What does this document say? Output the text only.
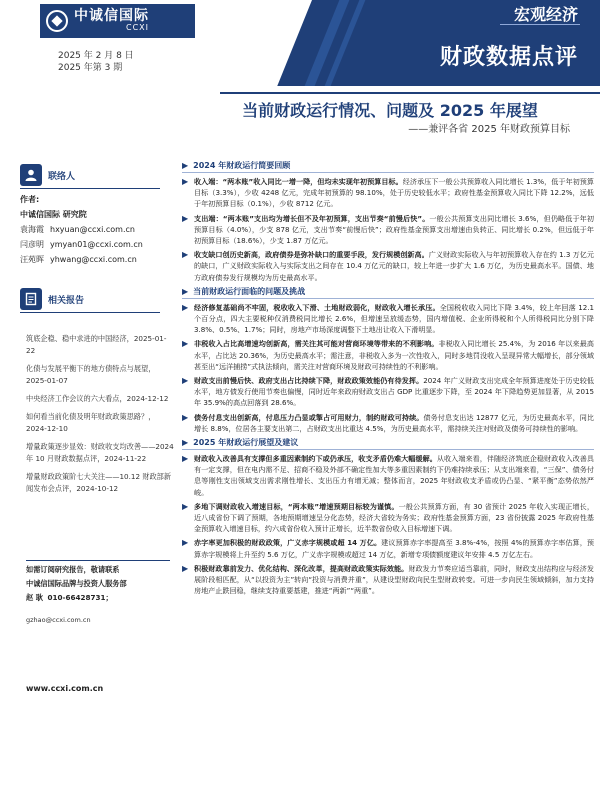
中诚信国际
CCXI
2025 年 2 月 8 日
2025 年第 3 期
宏观经济
财政数据点评
当前财政运行情况、问题及 2025 年展望
——兼评各省 2025 年财政预算目标
联络人
作者:
中诚信国际 研究院
袁海霞 hxyuan@ccxi.com.cn
闫彦明 ymyan01@ccxi.com.cn
汪苑晖 yhwang@ccxi.com.cn
相关报告
筑底企稳、稳中求进的中国经济，2025-01-22
化债与发展平衡下的地方债特点与展望，2025-01-07
中央经济工作会议的六大看点，2024-12-12
如何看当前化债及明年财政政策思路？，2024-12-10
增量政策逐步显效：财政收支均改善——2024 年 10 月财政数据点评，2024-11-22
增量财政政策阶七大关注——10.12 财政部新闻发布会点评，2024-10-12
如需订阅研究报告，敬请联系
中诚信国际品牌与投资人服务部
赵 耿 010-66428731；
gzhao@ccxi.com.cn
www.ccxi.com.cn
▶ 2024 年财政运行简要回顾
▶ 收入端：“两本账”收入同比一增一降，但均未实现年初预算目标。经济承压下一般公共预算收入同比增长 1.3%，低于年初预算目标（3.3%），少收 4248 亿元，完成年初预算的 98.10%，处于历史较低水平；政府性基金预算收入同比下降 12.2%，远低于年初预算目标（0.1%），少收 8712 亿元。
▶ 支出端：“两本账”支出均为增长但不及年初预算，支出节奏“前慢后快”。一般公共预算支出同比增长 3.6%，但仍略低于年初预算目标（4.0%），少支 878 亿元，支出节奏“前慢后快”；政府性基金预算支出增速由负转正、同比增长 0.2%，但远低于年初预算目标（18.6%），少支 1.87 万亿元。
▶ 收支缺口创历史新高，政府债券是弥补缺口的重要手段，发行规模创新高。广义财政实际收入与年初预算收入存在约 1.3 万亿元的缺口，广义财政实际收入与实际支出之间存在 10.4 万亿元的缺口，较上年进一步扩大 1.6 万亿，为历史最高水平。国债、地方政府债券发行规模均为历史最高水平。
▶ 当前财政运行面临的问题及挑战
▶ 经济修复基础尚不牢固，税收收入下滑、土地财政弱化，财政收入增长承压。全国税收收入同比下降 3.4%，较上年回落 12.1 个百分点，四大主要税种仅消费税同比增长 2.6%，但增速呈放缓态势，国内增值税、企业所得税和个人所得税同比分别下降 3.8%、0.5%、1.7%；同时，房地产市场深度调整下土地出让收入下滑明显。
▶ 非税收入占比高增速均创新高，需关注其可能对营商环境等带来的不利影响。非税收入同比增长 25.4%，为 2016 年以来最高水平，占比达 20.36%，为历史最高水平；需注意，非税收入多为一次性收入，同时多地罚没收入呈现异常大幅增长，部分领域甚至出“远洋捕捞”式执法倾向，需关注对营商环境及财政可持续性的不利影响。
▶ 财政支出前慢后快、政府支出占比持续下降，财政政策效能仍有待发挥。2024 年广义财政支出完成全年预算进度处于历史较低水平，地方债发行使用节奏也偏慢，同时近年来政府财政支出占 GDP 比重逐步下降，至 2024 年下降趋势更加显著，从 2015 年 35.9%的高点回落到 28.6%。
▶ 债务付息支出创新高，付息压力凸显或掣占可用财力，制约财政可持续。债务付息支出达 12877 亿元，为历史最高水平，同比增长 8.8%，位居各主要支出第二，占财政支出比重达 4.5%，为历史最高水平，需持续关注对财政及债务可持续性的影响。
▶ 2025 年财政运行展望及建议
▶ 财政收入改善具有支撑但多重因素制约下或仍承压，收支矛盾仍难大幅缓解。从收入端来看，伴随经济筑底企稳财政收入改善具有一定支撑，但在电内需不足、招商不稳及外部不确定性加大等多重因素制约下仍难持续承压；从支出端来看，“三保”、债务付息等刚性支出领域支出需求刚性增长、支出压力有增无减；整体而言，2025 年财政收支矛盾或仍凸显、“紧平衡”态势依然严峻。
▶ 多地下调财政收入增速目标，“两本账”增速预期目标较为谨慎。一般公共预算方面，有 30 省预计 2025 年收入实现正增长，近八成省份下调了预期，各地预期增速呈分化态势，经济大省较为务实；政府性基金预算方面，23 省份披露 2025 年政府性基金预算收入增速目标，约六成省份收入预计正增长，近半数省份收入目标增速下调。
▶ 赤字率更加积极的财政政策，广义赤字规模或超 14 万亿。建议预算赤字率提高至 3.8%-4%，按照 4%的预算赤字率估算，预算赤字规模将上升至约 5.6 万亿，广义赤字规模或超过 14 万亿，新增专项债额度建议年安排 4.5 万亿左右。
▶ 积极财政靠前发力、优化结构、深化改革，提高财政政策实际效能。财政发力节奏应适当靠前，同时，财政支出结构应与经济发展阶段相匹配，从“以投资为主”转向“投资与消费并重”，从建设型财政向民生型财政转变。可进一步向民生领域倾斜，加力支持房地产止跌回稳，继续支持重要基建，推进“两新”“两重”。
